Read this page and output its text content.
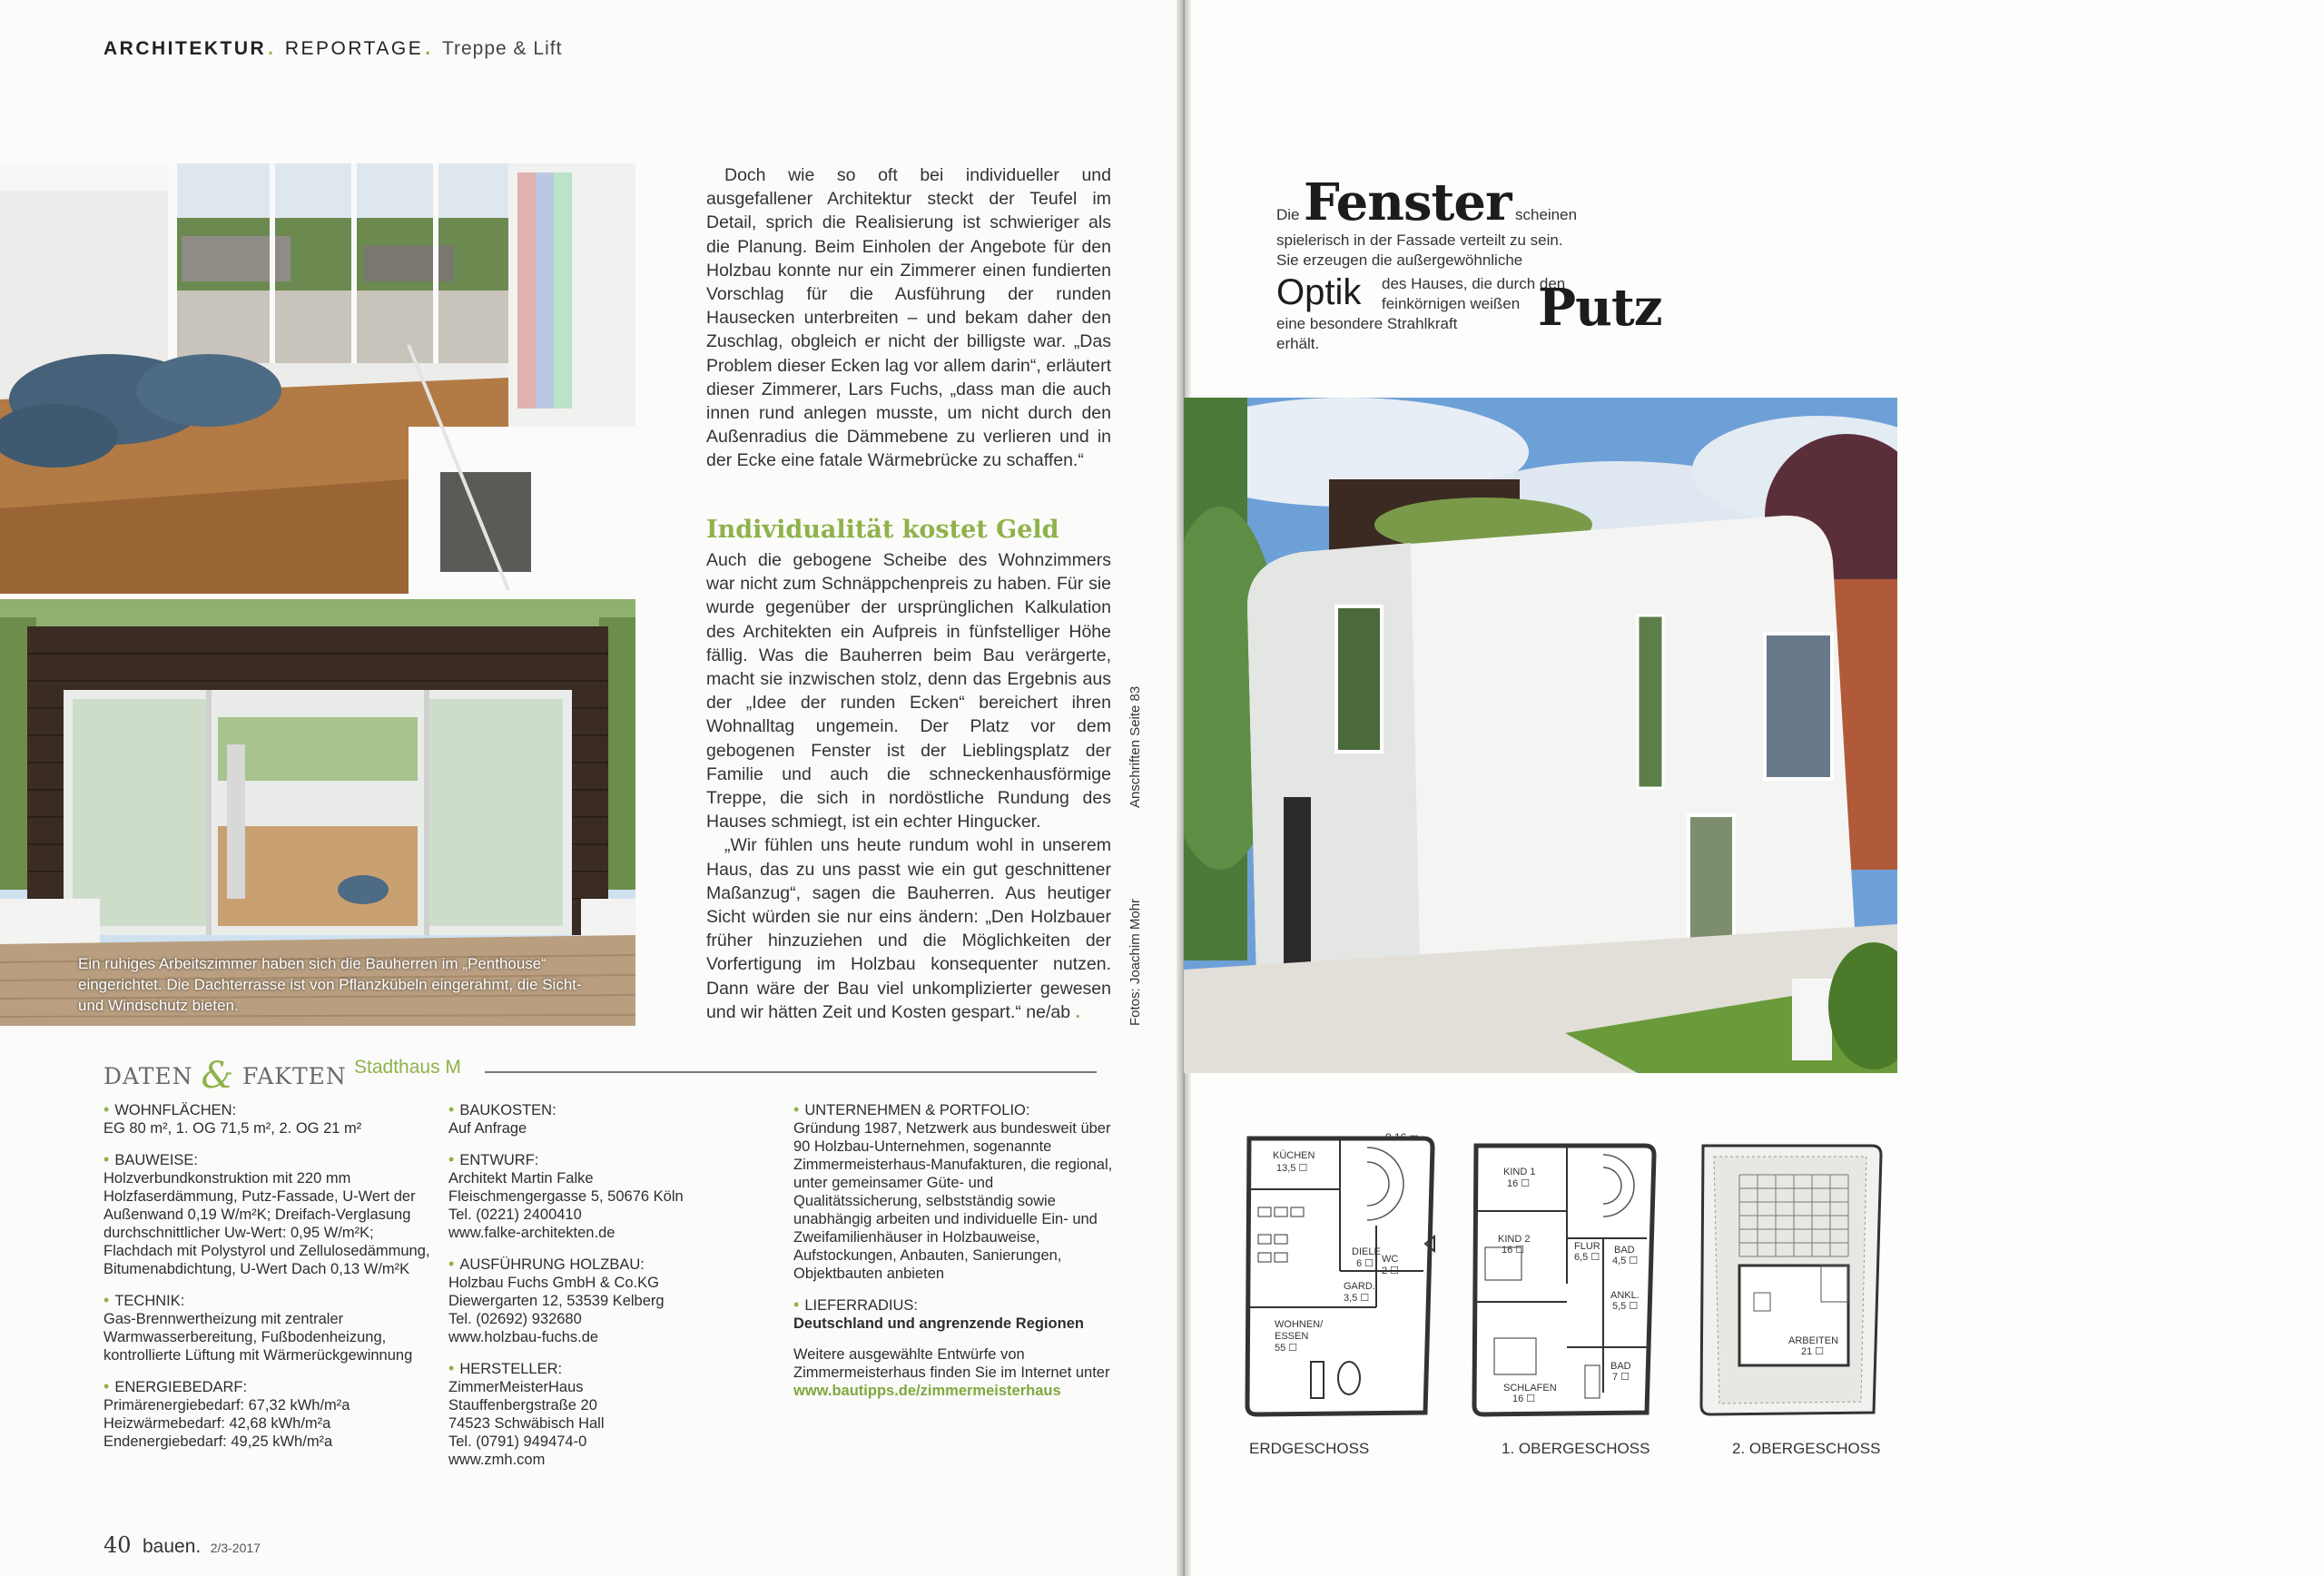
ARCHITEKTUR. REPORTAGE. Treppe & Lift
Ein ruhiges Arbeitszimmer haben sich die Bauherren im „Penthouse“ eingerichtet. Die Dachterrasse ist von Pflanzkübeln eingerahmt, die Sicht- und Windschutz bieten.

Doch wie so oft bei individueller und ausgefallener Architektur steckt der Teufel im Detail, sprich die Realisierung ist schwieriger als die Planung. Beim Einholen der Angebote für den Holzbau konnte nur ein Zimmerer einen fundierten Vorschlag für die Ausführung der runden Hausecken unterbreiten – und bekam daher den Zuschlag, obgleich er nicht der billigste war. „Das Problem dieser Ecken lag vor allem darin“, erläutert dieser Zimmerer, Lars Fuchs, „dass man die auch innen rund anlegen musste, um nicht durch den Außenradius die Dämmebene zu verlieren und in der Ecke eine fatale Wärmebrücke zu schaffen.“

Individualität kostet Geld

Auch die gebogene Scheibe des Wohnzimmers war nicht zum Schnäppchenpreis zu haben. Für sie wurde gegenüber der ursprünglichen Kalkulation des Architekten ein Aufpreis in fünfstelliger Höhe fällig. Was die Bauherren beim Bau verärgerte, macht sie inzwischen stolz, denn das Ergebnis aus der „Idee der runden Ecken“ bereichert ihren Wohnalltag ungemein. Der Platz vor dem gebogenen Fenster ist der Lieblingsplatz der Familie und auch die schneckenhausförmige Treppe, die sich in nordöstliche Rundung des Hauses schmiegt, ist ein echter Hingucker.

„Wir fühlen uns heute rundum wohl in unserem Haus, das zu uns passt wie ein gut geschnittener Maßanzug“, sagen die Bauherren. Aus heutiger Sicht würden sie nur eins ändern: „Den Holzbauer früher hinzuziehen und die Möglichkeiten der Vorfertigung im Holzbau konsequenter nutzen. Dann wäre der Bau viel unkomplizierter gewesen und wir hätten Zeit und Kosten gespart.“ ne/ab .

Anschriften Seite 83
Fotos: Joachim Mohr
Die Fenster scheinen
spielerisch in der Fassade verteilt zu sein.
Sie erzeugen die außergewöhnliche
Optik des Hauses, die durch den
feinkörnigen weißen Putz
eine besondere Strahlkraft
erhält.
DATEN & FAKTEN Stadthaus M
• WOHNFLÄCHEN:
EG 80 m², 1. OG 71,5 m², 2. OG 21 m²
• BAUWEISE:
Holzverbundkonstruktion mit 220 mm Holzfaserdämmung, Putz-Fassade, U-Wert der Außenwand 0,19 W/m²K; Dreifach-Verglasung durchschnittlicher Uw-Wert: 0,95 W/m²K; Flachdach mit Polystyrol und Zellulosedämmung, Bitumenabdichtung, U-Wert Dach 0,13 W/m²K
• TECHNIK:
Gas-Brennwertheizung mit zentraler Warmwasserbereitung, Fußbodenheizung, kontrollierte Lüftung mit Wärmerückgewinnung
• ENERGIEBEDARF:
Primärenergiebedarf: 67,32 kWh/m²a
Heizwärmebedarf: 42,68 kWh/m²a
Endenergiebedarf: 49,25 kWh/m²a
• BAUKOSTEN:
Auf Anfrage
• ENTWURF:
Architekt Martin Falke
Fleischmengergasse 5, 50676 Köln
Tel. (0221) 2400410
www.falke-architekten.de
• AUSFÜHRUNG HOLZBAU:
Holzbau Fuchs GmbH & Co.KG
Diewergarten 12, 53539 Kelberg
Tel. (02692) 932680
www.holzbau-fuchs.de
• HERSTELLER:
ZimmerMeisterHaus
Stauffenbergstraße 20
74523 Schwäbisch Hall
Tel. (0791) 949474-0
www.zmh.com
• UNTERNEHMEN & PORTFOLIO:
Gründung 1987, Netzwerk aus bundesweit über 90 Holzbau-Unternehmen, sogenannte Zimmermeisterhaus-Manufakturen, die regional, unter gemeinsamer Güte- und Qualitätssicherung, selbstständig sowie unabhängig arbeiten und individuelle Ein- und Zweifamilienhäuser in Holzbauweise, Aufstockungen, Anbauten, Sanierungen, Objektbauten anbieten
• LIEFERRADIUS:
Deutschland und angrenzende Regionen
Weitere ausgewählte Entwürfe von Zimmermeisterhaus finden Sie im Internet unter
www.bautipps.de/zimmermeisterhaus
KÜCHEN
13,5 ☐
DIELE
6 ☐ WC
2 ☐
GARD.
3,5 ☐
WOHNEN/
ESSEN
55 ☐
KIND 1
16 ☐
KIND 2
16 ☐	FLUR
6,5 ☐
BAD
4,5 ☐
ANKL.
5,5 ☐
SCHLAFEN
16 ☐
BAD
7 ☐
ARBEITEN
21 ☐
ERDGESCHOSS	1. OBERGESCHOSS	2. OBERGESCHOSS
40 bauen. 2/3-2017
